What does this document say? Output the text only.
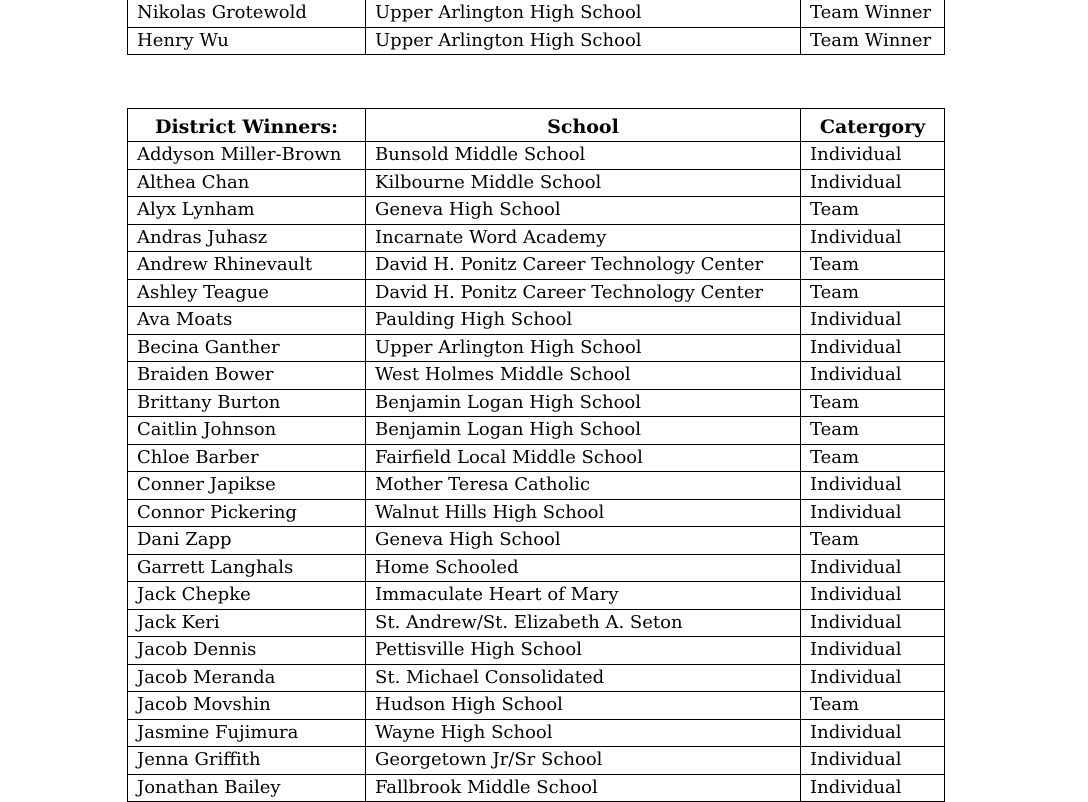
Nikolas Grotewold	Upper Arlington High School	Team Winner
Henry Wu	Upper Arlington High School	Team Winner
District Winners:	School	Catergory
Addyson Miller-Brown	Bunsold Middle School	Individual
Althea Chan	Kilbourne Middle School	Individual
Alyx Lynham	Geneva High School	Team
Andras Juhasz	Incarnate Word Academy	Individual
Andrew Rhinevault	David H. Ponitz Career Technology Center	Team
Ashley Teague	David H. Ponitz Career Technology Center	Team
Ava Moats	Paulding High School	Individual
Becina Ganther	Upper Arlington High School	Individual
Braiden Bower	West Holmes Middle School	Individual
Brittany Burton	Benjamin Logan High School	Team
Caitlin Johnson	Benjamin Logan High School	Team
Chloe Barber	Fairfield Local Middle School	Team
Conner Japikse	Mother Teresa Catholic	Individual
Connor Pickering	Walnut Hills High School	Individual
Dani Zapp	Geneva High School	Team
Garrett Langhals	Home Schooled	Individual
Jack Chepke	Immaculate Heart of Mary	Individual
Jack Keri	St. Andrew/St. Elizabeth A. Seton	Individual
Jacob Dennis	Pettisville High School	Individual
Jacob Meranda	St. Michael Consolidated	Individual
Jacob Movshin	Hudson High School	Team
Jasmine Fujimura	Wayne High School	Individual
Jenna Griffith	Georgetown Jr/Sr School	Individual
Jonathan Bailey	Fallbrook Middle School	Individual
